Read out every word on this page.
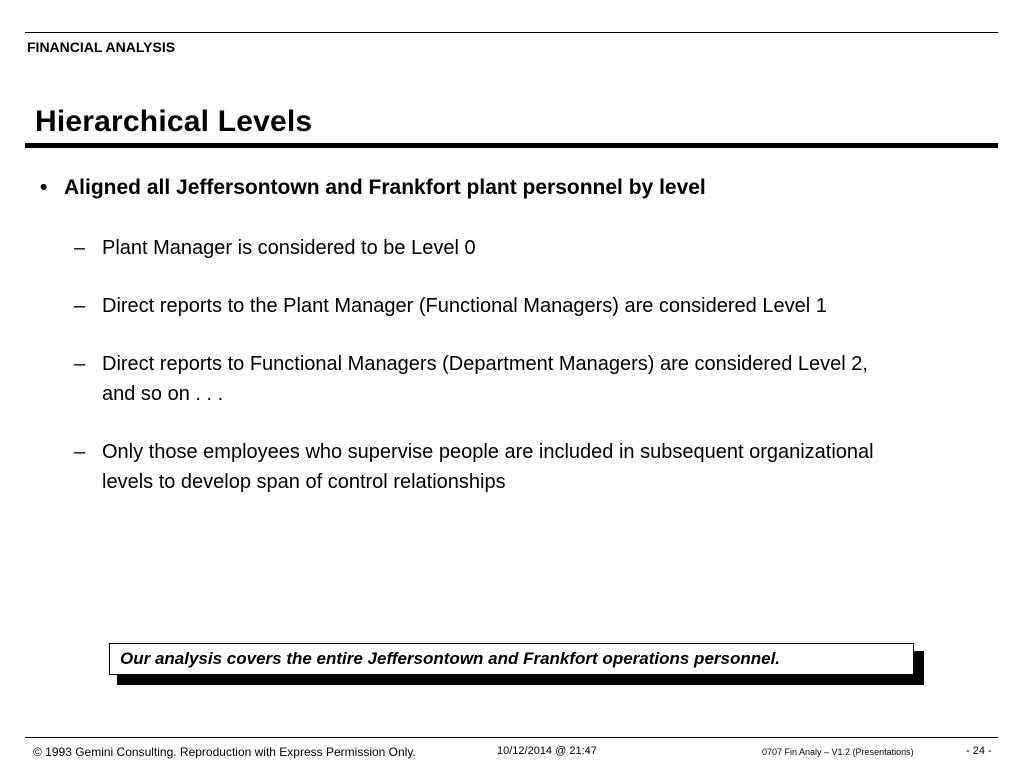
FINANCIAL ANALYSIS
Hierarchical Levels
• Aligned all Jeffersontown and Frankfort plant personnel by level
– Plant Manager is considered to be Level 0
– Direct reports to the Plant Manager (Functional Managers) are considered Level 1
– Direct reports to Functional Managers (Department Managers) are considered Level 2, and so on . . .
– Only those employees who supervise people are included in subsequent organizational levels to develop span of control relationships
Our analysis covers the entire Jeffersontown and Frankfort operations personnel.
© 1993 Gemini Consulting. Reproduction with Express Permission Only.	10/12/2014 @ 21:47	0707 Fin Analy – V1.2 (Presentations)	- 24 -
